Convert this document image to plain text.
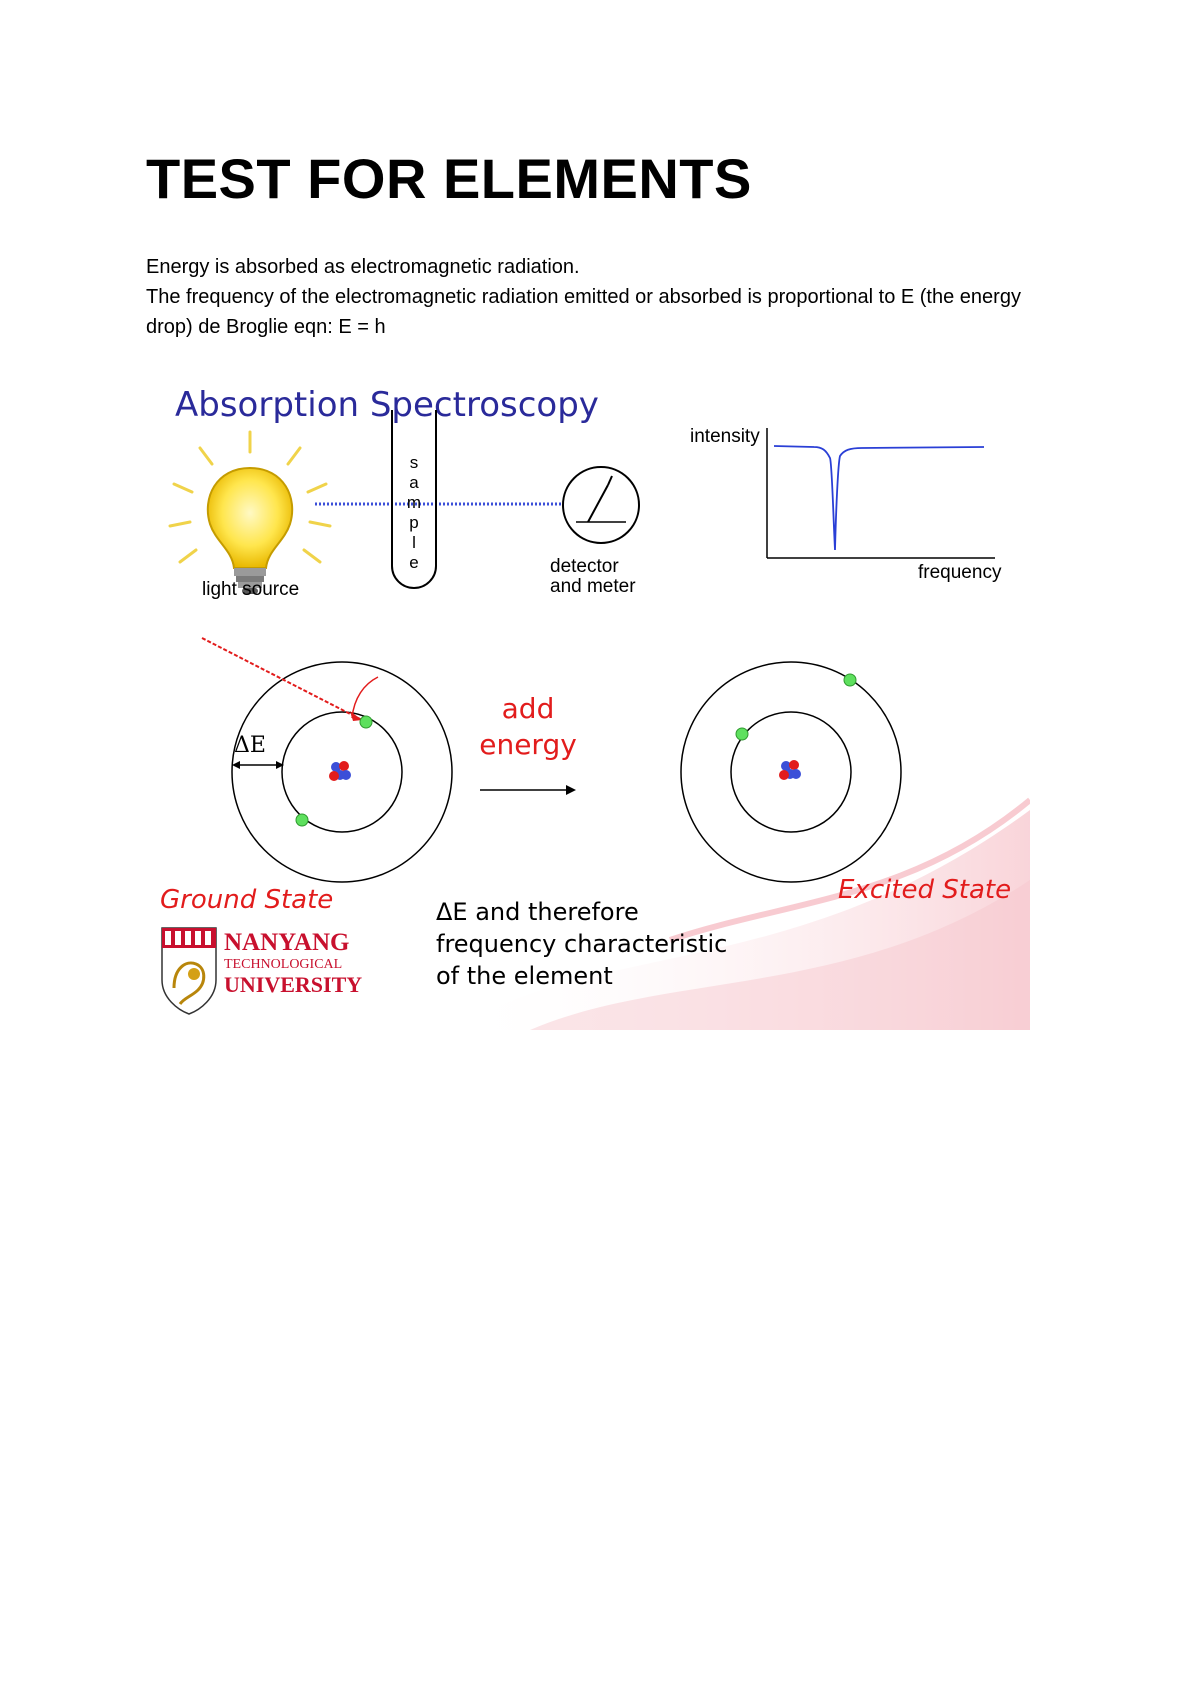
TEST FOR ELEMENTS

Energy is absorbed as electromagnetic radiation.

The frequency of the electromagnetic radiation emitted or absorbed is proportional to E (the energy drop) de Broglie eqn: E = h

Absorption Spectroscopy
light source
s
a
m
p
l
e	detector
and meter
intensity
frequency
ΔE
add
energy
Ground State	Excited State
ΔE and therefore
frequency characteristic
of the element
NANYANG
TECHNOLOGICAL
UNIVERSITY
